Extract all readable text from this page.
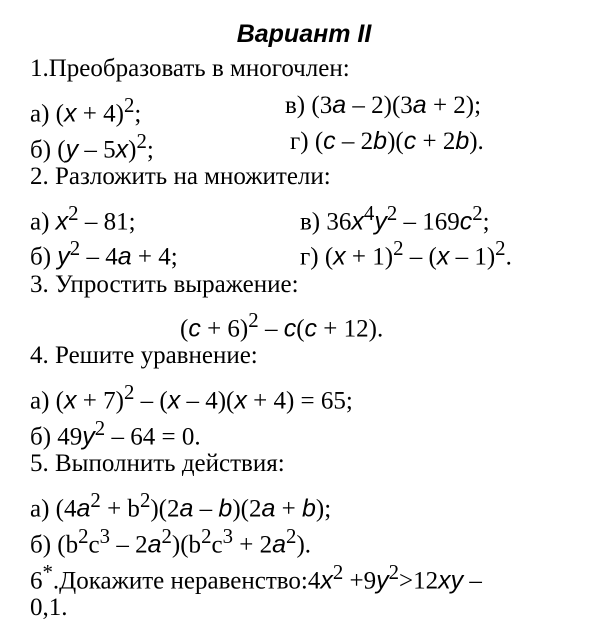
Вариант II
1.Преобразовать в многочлен:
а) $(x + 4)^2$;	в) (3a – 2)(3a + 2);
б) (y – 5x)$^2$;	г) (c – 2b)(c + 2b).
2. Разложить на множители:
а) $x^2 - 81$;	в) $36x^4y^2 - 169c^2$;
б) $y^2 - 4a + 4$;	г) $(x + 1)^2 - (x - 1)^2$.
3. Упростить выражение:
$(c + 6)^2 - c(c + 12)$.
4. Решите уравнение:
а) $(x + 7)^2 - (x - 4)(x + 4) = 65$;
б) $49y^2 - 64 = 0$.
5. Выполнить действия:
а) $(4a^2 + b^2)(2a - b)(2a + b)$;
б) $(b^2c^3 - 2a^2)(b^2c^3 + 2a^2)$.
6*.Докажите $неравенство:4x^2 +9y^2>12xy$ –
0,1.
